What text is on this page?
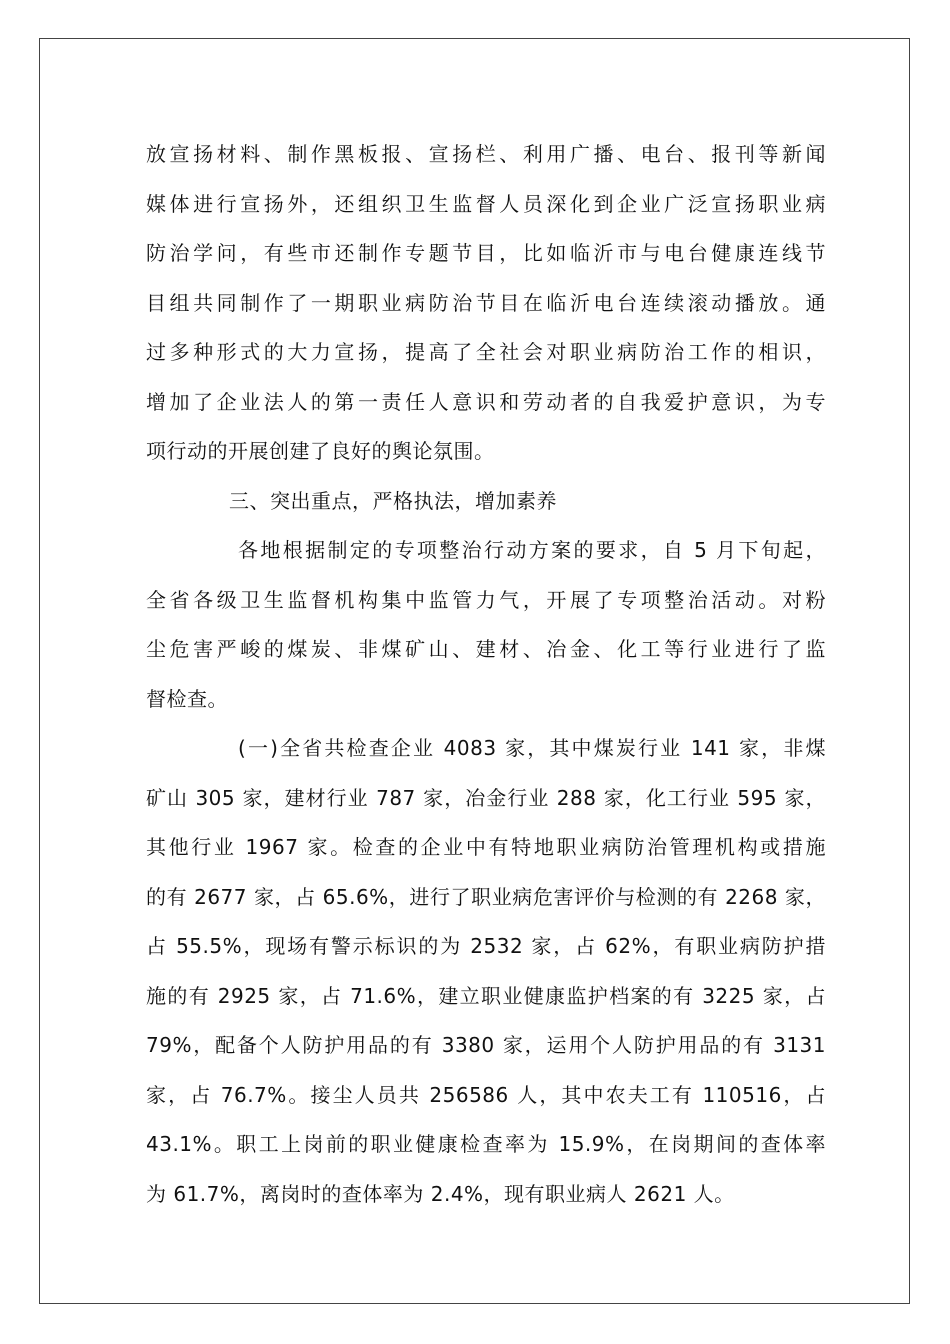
放宣扬材料、制作黑板报、宣扬栏、利用广播、电台、报刊等新闻
媒体进行宣扬外，还组织卫生监督人员深化到企业广泛宣扬职业病
防治学问，有些市还制作专题节目，比如临沂市与电台健康连线节
目组共同制作了一期职业病防治节目在临沂电台连续滚动播放。通
过多种形式的大力宣扬，提高了全社会对职业病防治工作的相识，
增加了企业法人的第一责任人意识和劳动者的自我爱护意识，为专
项行动的开展创建了良好的舆论氛围。
三、突出重点，严格执法，增加素养
各地根据制定的专项整治行动方案的要求，自 5 月下旬起，
全省各级卫生监督机构集中监管力气，开展了专项整治活动。对粉
尘危害严峻的煤炭、非煤矿山、建材、冶金、化工等行业进行了监
督检查。
(一)全省共检查企业 4083 家，其中煤炭行业 141 家，非煤
矿山 305 家，建材行业 787 家，冶金行业 288 家，化工行业 595 家，
其他行业 1967 家。检查的企业中有特地职业病防治管理机构或措施
的有 2677 家，占 65.6%，进行了职业病危害评价与检测的有 2268 家，
占 55.5%，现场有警示标识的为 2532 家，占 62%，有职业病防护措
施的有 2925 家，占 71.6%，建立职业健康监护档案的有 3225 家，占
79%，配备个人防护用品的有 3380 家，运用个人防护用品的有 3131
家，占 76.7%。接尘人员共 256586 人，其中农夫工有 110516，占
43.1%。职工上岗前的职业健康检查率为 15.9%，在岗期间的查体率
为 61.7%，离岗时的查体率为 2.4%，现有职业病人 2621 人。
